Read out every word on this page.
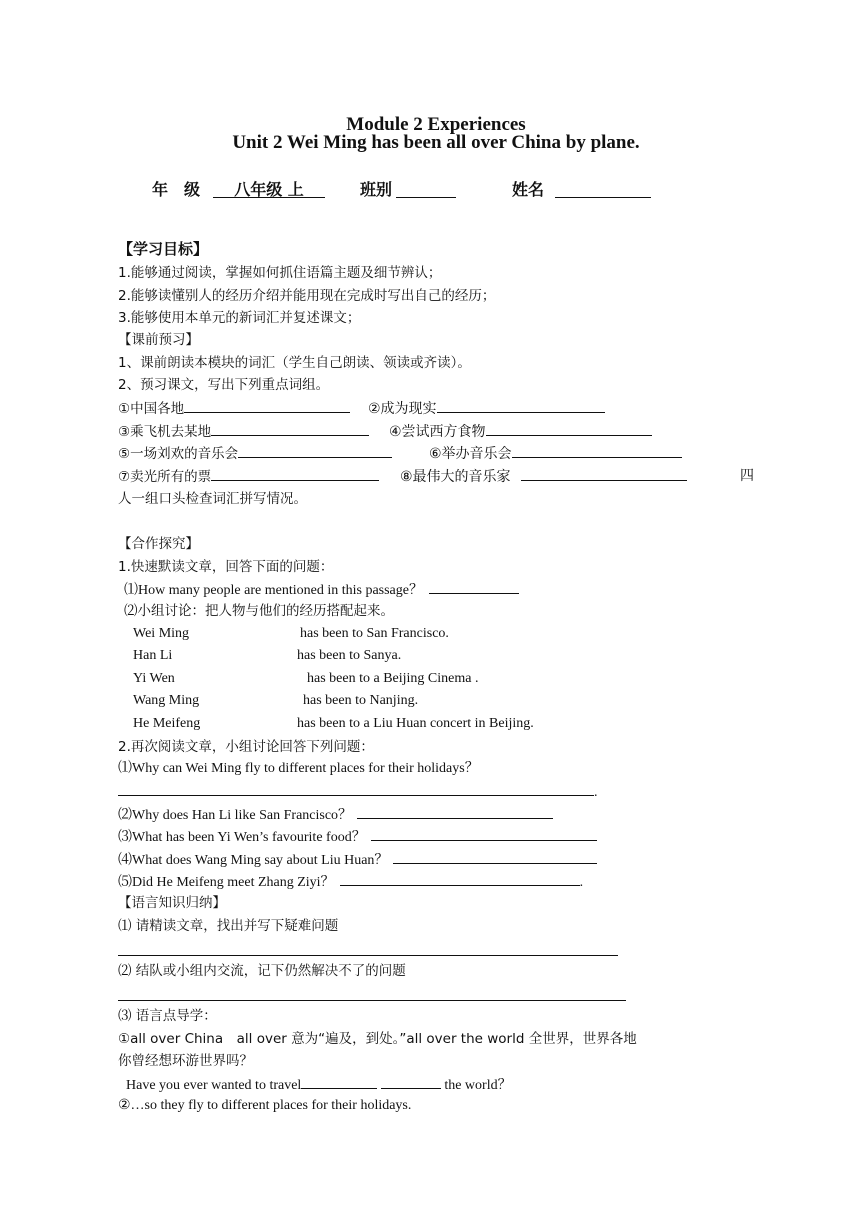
Module 2 Experiences
Unit 2 Wei Ming has been all over China by plane.
年　级	八年级 上	班别	姓名
【学习目标】
1.能够通过阅读，掌握如何抓住语篇主题及细节辨认；
2.能够读懂别人的经历介绍并能用现在完成时写出自己的经历；
3.能够使用本单元的新词汇并复述课文；
【课前预习】
1、课前朗读本模块的词汇（学生自己朗读、领读或齐读）。
2、预习课文，写出下列重点词组。
①中国各地	②成为现实
③乘飞机去某地	④尝试西方食物
⑤一场刘欢的音乐会	⑥举办音乐会
⑦卖光所有的票	⑧最伟大的音乐家	四
人一组口头检查词汇拼写情况。
【合作探究】
1.快速默读文章，回答下面的问题：
⑴How many people are mentioned in this passage？
⑵小组讨论：把人物与他们的经历搭配起来。
Wei Ming	has been to San Francisco.
Han Li	has been to Sanya.
Yi Wen	has been to a Beijing Cinema .
Wang Ming	has been to Nanjing.
He Meifeng	has been to a Liu Huan concert in Beijing.
2.再次阅读文章，小组讨论回答下列问题：
⑴Why can Wei Ming fly to different places for their holidays？
.
⑵Why does Han Li like San Francisco？
⑶What has been Yi Wen’s favourite food？
⑷What does Wang Ming say about Liu Huan？
⑸Did He Meifeng meet Zhang Ziyi？	.
【语言知识归纳】
⑴ 请精读文章，找出并写下疑难问题
⑵ 结队或小组内交流，记下仍然解决不了的问题
⑶ 语言点导学：
①all over China　all over 意为“遍及，到处。”all over the world 全世界，世界各地
你曾经想环游世界吗？
Have you ever wanted to travel	the world？
②…so they fly to different places for their holidays.
